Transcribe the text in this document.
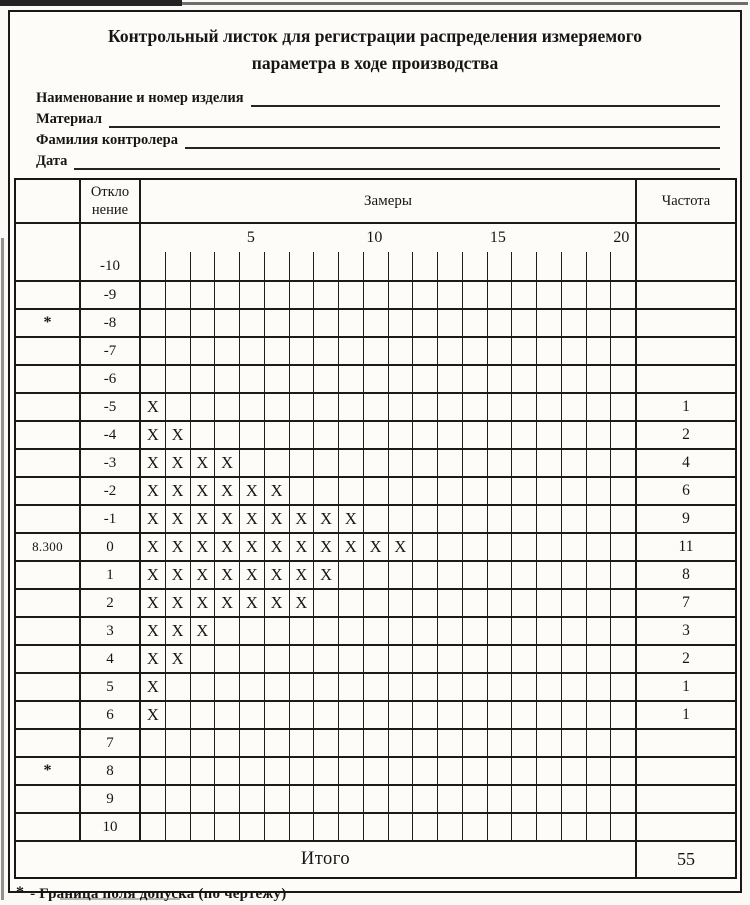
Контрольный листок для регистрации распределения измеряемого
параметра в ходе производства
Наименование и номер изделия
Материал
Фамилия контролера
Дата
Откло
нение
Замеры	Частота
5	10	15	20
-10
-9
*	-8
-7
-6
-5	X	1
-4	X X	2
-3	X X X X	4
-2	X X X X X X	6
-1	X X X X X X X X X	9
8.300	0	X X X X X X X X X X X	11
1	X X X X X X X X	8
2	X X X X X X X	7
3	X X X	3
4	X X	2
5	X	1
6	X	1
7
*	8
9
10
Итого	55
* - Граница поля допуска (по чертежу)
